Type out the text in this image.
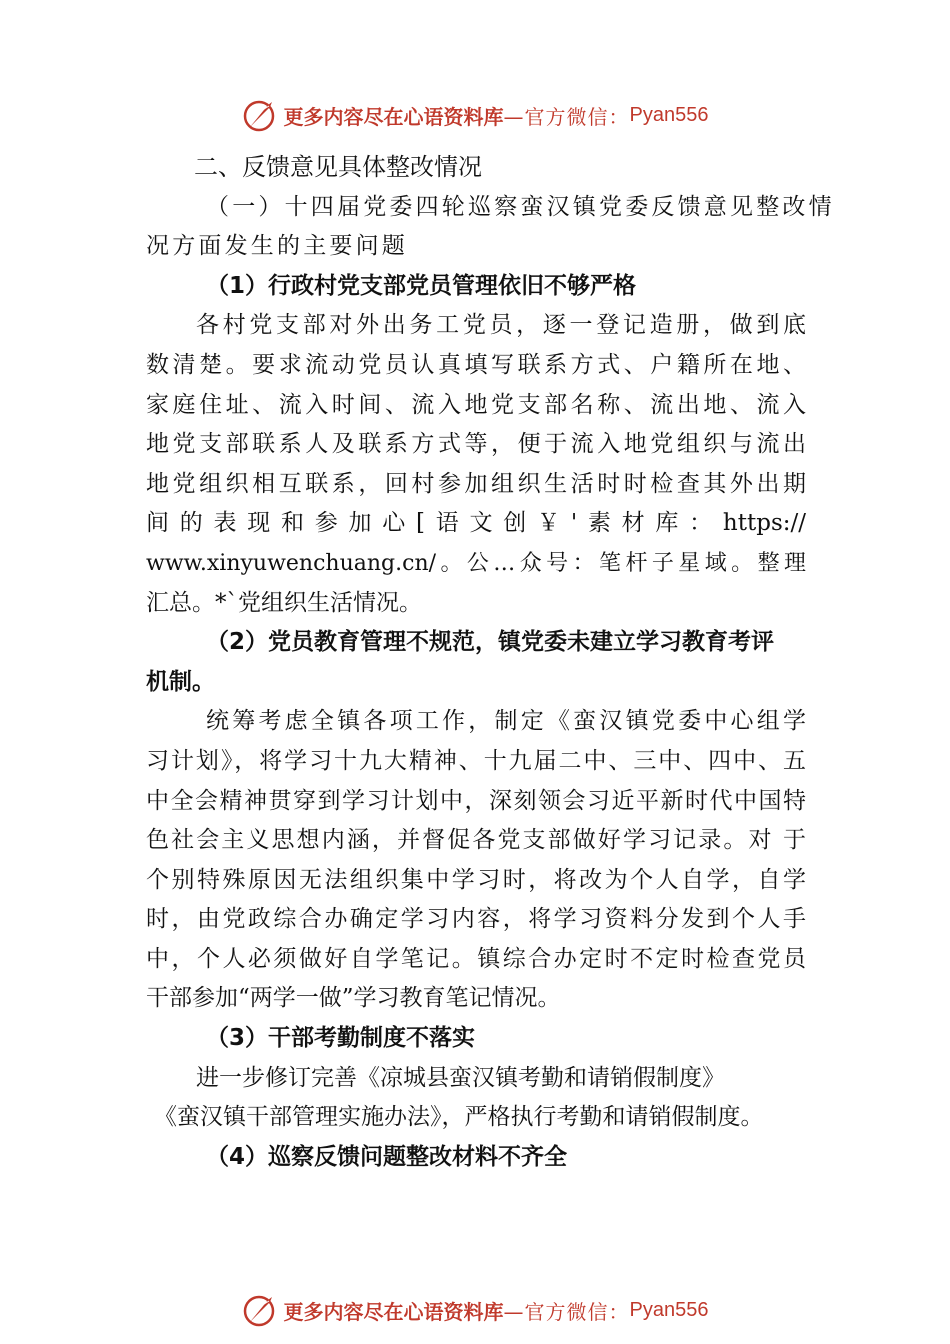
更多内容尽在心语资料库 —官方微信： Pyan556
二、反馈意见具体整改情况
（一）十四届党委四轮巡察蛮汉镇党委反馈意见整改情
况方面发生的主要问题
（1）行政村党支部党员管理依旧不够严格
各村党支部对外出务工党员，逐一登记造册，做到底
数清楚。要求流动党员认真填写联系方式、户籍所在地、
家庭住址、流入时间、流入地党支部名称、流出地、流入
地党支部联系人及联系方式等，便于流入地党组织与流出
地党组织相互联系，回村参加组织生活时时检查其外出期
间的表现和参加心[语文创￥'素材库：https://
www.xinyuwenchuang.cn/。公…众号：笔杆子星域。整理
汇总。*`党组织生活情况。
（2）党员教育管理不规范，镇党委未建立学习教育考评
机制。
统筹考虑全镇各项工作，制定《蛮汉镇党委中心组学
习计划》，将学习十九大精神、十九届二中、三中、四中、五
中全会精神贯穿到学习计划中，深刻领会习近平新时代中国特
色社会主义思想内涵，并督促各党支部做好学习记录。对 于
个别特殊原因无法组织集中学习时，将改为个人自学，自学
时，由党政综合办确定学习内容，将学习资料分发到个人手
中，个人必须做好自学笔记。镇综合办定时不定时检查党员
干部参加“两学一做”学习教育笔记情况。
（3）干部考勤制度不落实
进一步修订完善《凉城县蛮汉镇考勤和请销假制度》
《蛮汉镇干部管理实施办法》，严格执行考勤和请销假制度。
（4）巡察反馈问题整改材料不齐全
更多内容尽在心语资料库 —官方微信： Pyan556
